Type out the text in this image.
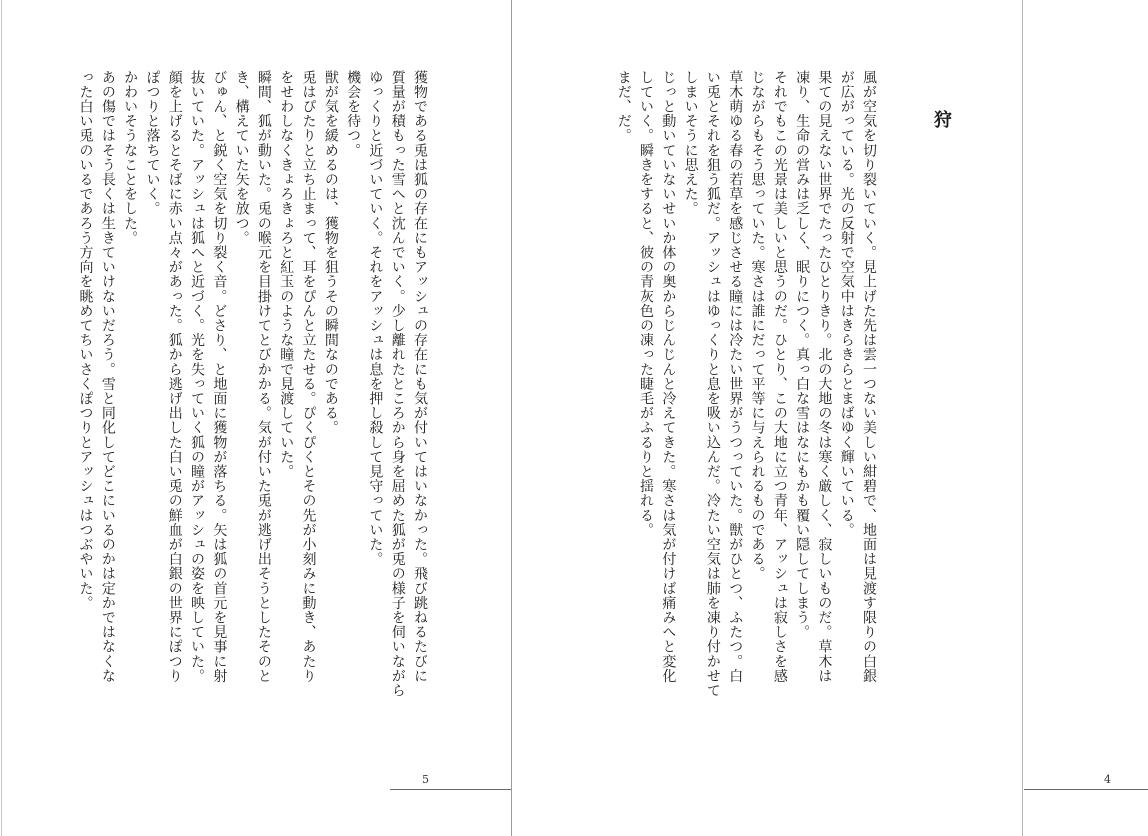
狩
風が空気を切り裂いていく。見上げた先は雲一つない美しい紺碧で、地面は見渡す限りの白銀
が広がっている。光の反射で空気中はきらきらとまばゆく輝いている。
果ての見えない世界でたったひとりきり。北の大地の冬は寒く厳しく、寂しいものだ。草木は
凍り、生命の営みは乏しく、眠りにつく。真っ白な雪はなにもかも覆い隠してしまう。
それでもこの光景は美しいと思うのだ。ひとり、この大地に立つ青年、アッシュは寂しさを感
じながらもそう思っていた。寒さは誰にだって平等に与えられるものである。
草木萌ゆる春の若草を感じさせる瞳には冷たい世界がうつっていた。獣がひとつ、ふたつ。白
い兎とそれを狙う狐だ。アッシュはゆっくりと息を吸い込んだ。冷たい空気は肺を凍り付かせて
しまいそうに思えた。
じっと動いていないせいか体の奥からじんじんと冷えてきた。寒さは気が付けば痛みへと変化
していく。瞬きをすると、彼の青灰色の凍った睫毛がふるりと揺れる。
まだ、だ。
4
獲物である兎は狐の存在にもアッシュの存在にも気が付いてはいなかった。飛び跳ねるたびに
質量が積もった雪へと沈んでいく。少し離れたところから身を屈めた狐が兎の様子を伺いながら
ゆっくりと近づいていく。それをアッシュは息を押し殺して見守っていた。
機会を待つ。
獣が気を緩めるのは、獲物を狙うその瞬間なのである。
兎はぴたりと立ち止まって、耳をぴんと立たせる。ぴくぴくとその先が小刻みに動き、あたり
をせわしなくきょろきょろと紅玉のような瞳で見渡していた。
瞬間、狐が動いた。兎の喉元を目掛けてとびかかる。気が付いた兎が逃げ出そうとしたそのと
き、構えていた矢を放つ。
びゅん、と鋭く空気を切り裂く音。どさり、と地面に獲物が落ちる。矢は狐の首元を見事に射
抜いていた。アッシュは狐へと近づく。光を失っていく狐の瞳がアッシュの姿を映していた。
顔を上げるとそばに赤い点々があった。狐から逃げ出した白い兎の鮮血が白銀の世界にぽつり
ぽつりと落ちていく。
かわいそうなことをした。
あの傷ではそう長くは生きていけないだろう。雪と同化してどこにいるのかは定かではなくな
った白い兎のいるであろう方向を眺めてちいさくぽつりとアッシュはつぶやいた。
5
